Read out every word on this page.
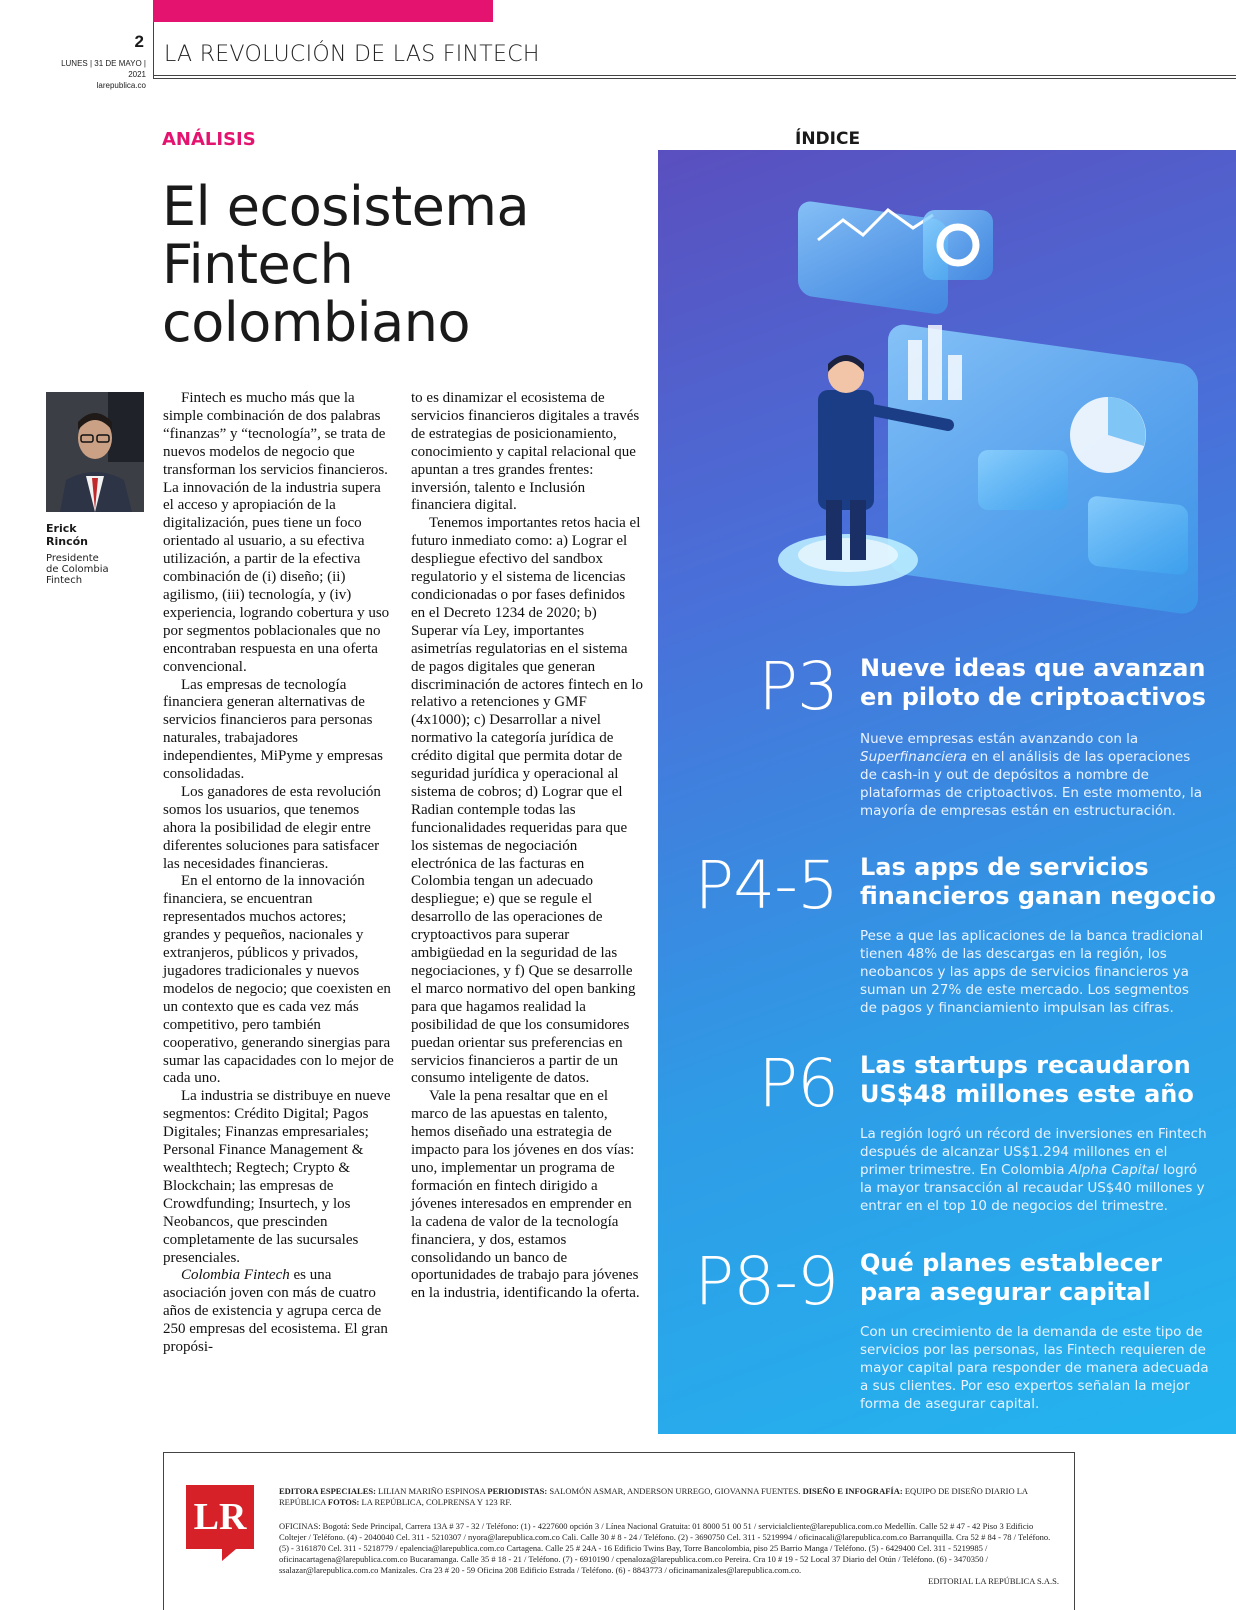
2
LUNES | 31 DE MAYO | 2021
larepublica.co
LA REVOLUCIÓN DE LAS FINTECH
ANÁLISIS
El ecosistema
Fintech
colombiano
Erick
Rincón
Presidente
de Colombia
Fintech

Fintech es mucho más que la simple combinación de dos palabras “finanzas” y “tecnología”, se trata de nuevos modelos de negocio que transforman los servicios financieros. La innovación de la industria supera el acceso y apropiación de la digitalización, pues tiene un foco orientado al usuario, a su efectiva utilización, a partir de la efectiva combinación de (i) diseño; (ii) agilismo, (iii) tecnología, y (iv) experiencia, logrando cobertura y uso por segmentos poblacionales que no encontraban respuesta en una oferta convencional.

Las empresas de tecnología financiera generan alternativas de servicios financieros para personas naturales, trabajadores independientes, MiPyme y empresas consolidadas.

Los ganadores de esta revolución somos los usuarios, que tenemos ahora la posibilidad de elegir entre diferentes soluciones para satisfacer las necesidades financieras.

En el entorno de la innovación financiera, se encuentran representados muchos actores; grandes y pequeños, nacionales y extranjeros, públicos y privados, jugadores tradicionales y nuevos modelos de negocio; que coexisten en un contexto que es cada vez más competitivo, pero también cooperativo, generando sinergias para sumar las capacidades con lo mejor de cada uno.

La industria se distribuye en nueve segmentos: Crédito Digital; Pagos Digitales; Finanzas empresariales; Personal Finance Management & wealthtech; Regtech; Crypto & Blockchain; las empresas de Crowdfunding; Insurtech, y los Neobancos, que prescinden completamente de las sucursales presenciales.

Colombia Fintech es una asociación joven con más de cuatro años de existencia y agrupa cerca de 250 empresas del ecosistema. El gran propósi-

to es dinamizar el ecosistema de servicios financieros digitales a través de estrategias de posicionamiento, conocimiento y capital relacional que apuntan a tres grandes frentes: inversión, talento e Inclusión financiera digital.

Tenemos importantes retos hacia el futuro inmediato como: a) Lograr el despliegue efectivo del sandbox regulatorio y el sistema de licencias condicionadas o por fases definidos en el Decreto 1234 de 2020; b) Superar vía Ley, importantes asimetrías regulatorias en el sistema de pagos digitales que generan discriminación de actores fintech en lo relativo a retenciones y GMF (4x1000); c) Desarrollar a nivel normativo la categoría jurídica de crédito digital que permita dotar de seguridad jurídica y operacional al sistema de cobros; d) Lograr que el Radian contemple todas las funcionalidades requeridas para que los sistemas de negociación electrónica de las facturas en Colombia tengan un adecuado despliegue; e) que se regule el desarrollo de las operaciones de cryptoactivos para superar ambigüedad en la seguridad de las negociaciones, y f) Que se desarrolle el marco normativo del open banking para que hagamos realidad la posibilidad de que los consumidores puedan orientar sus preferencias en servicios financieros a partir de un consumo inteligente de datos.

Vale la pena resaltar que en el marco de las apuestas en talento, hemos diseñado una estrategia de impacto para los jóvenes en dos vías: uno, implementar un programa de formación en fintech dirigido a jóvenes interesados en emprender en la cadena de valor de la tecnología financiera, y dos, estamos consolidando un banco de oportunidades de trabajo para jóvenes en la industria, identificando la oferta.

ÍNDICE
P3 Nueve ideas que avanzan
en piloto de criptoactivos
Nueve empresas están avanzando con la Superfinanciera en el análisis de las operaciones de cash-in y out de depósitos a nombre de plataformas de criptoactivos. En este momento, la mayoría de empresas están en estructuración.
P4-5 Las apps de servicios
financieros ganan negocio
Pese a que las aplicaciones de la banca tradicional tienen 48% de las descargas en la región, los neobancos y las apps de servicios financieros ya suman un 27% de este mercado. Los segmentos de pagos y financiamiento impulsan las cifras.
P6 Las startups recaudaron
US$48 millones este año
La región logró un récord de inversiones en Fintech después de alcanzar US$1.294 millones en el primer trimestre. En Colombia Alpha Capital logró la mayor transacción al recaudar US$40 millones y entrar en el top 10 de negocios del trimestre.
P8-9 Qué planes establecer
para asegurar capital
Con un crecimiento de la demanda de este tipo de servicios por las personas, las Fintech requieren de mayor capital para responder de manera adecuada a sus clientes. Por eso expertos señalan la mejor forma de asegurar capital.
LR
EDITORA ESPECIALES: LILIAN MARIÑO ESPINOSA PERIODISTAS: SALOMÓN ASMAR, ANDERSON URREGO, GIOVANNA FUENTES. DISEÑO E INFOGRAFÍA: EQUIPO DE DISEÑO DIARIO LA REPÚBLICA FOTOS: LA REPÚBLICA, COLPRENSA Y 123 RF.
OFICINAS: Bogotá: Sede Principal, Carrera 13A # 37 - 32 / Teléfono: (1) - 4227600 opción 3 / Línea Nacional Gratuita: 01 8000 51 00 51 / servicialcliente@larepublica.com.co Medellín. Calle 52 # 47 - 42 Piso 3 Edificio Coltejer / Teléfono. (4) - 2040040 Cel. 311 - 5210307 / nyora@larepublica.com.co Cali. Calle 30 # 8 - 24 / Teléfono. (2) - 3690750 Cel. 311 - 5219994 / oficinacali@larepublica.com.co Barranquilla. Cra 52 # 84 - 78 / Teléfono. (5) - 3161870 Cel. 311 - 5218779 / epalencia@larepublica.com.co Cartagena. Calle 25 # 24A - 16 Edificio Twins Bay, Torre Bancolombia, piso 25 Barrio Manga / Teléfono. (5) - 6429400 Cel. 311 - 5219985 / oficinacartagena@larepublica.com.co Bucaramanga. Calle 35 # 18 - 21 / Teléfono. (7) - 6910190 / cpenaloza@larepublica.com.co Pereira. Cra 10 # 19 - 52 Local 37 Diario del Otún / Teléfono. (6) - 3470350 / ssalazar@larepublica.com.co Manizales. Cra 23 # 20 - 59 Oficina 208 Edificio Estrada / Teléfono. (6) - 8843773 / oficinamanizales@larepublica.com.co.
EDITORIAL LA REPÚBLICA S.A.S.
